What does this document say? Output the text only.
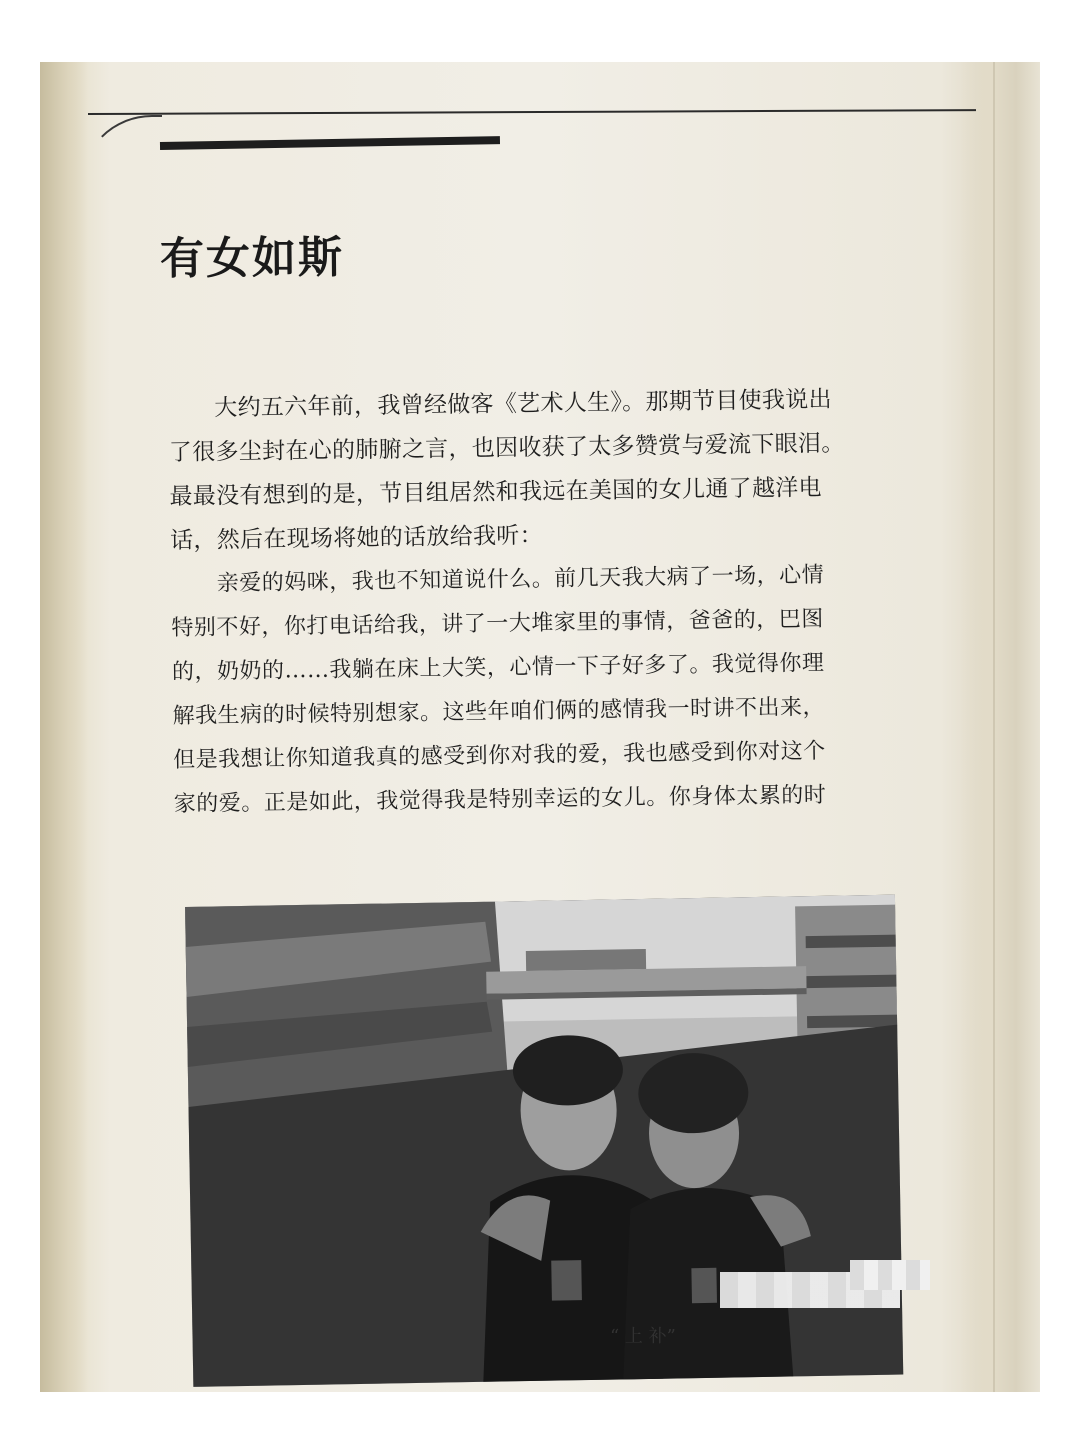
有女如斯
大约五六年前，我曾经做客《艺术人生》。那期节目使我说出
了很多尘封在心的肺腑之言，也因收获了太多赞赏与爱流下眼泪。
最最没有想到的是，节目组居然和我远在美国的女儿通了越洋电
话，然后在现场将她的话放给我听：
亲爱的妈咪，我也不知道说什么。前几天我大病了一场，心情
特别不好，你打电话给我，讲了一大堆家里的事情，爸爸的，巴图
的，奶奶的……我躺在床上大笑，心情一下子好多了。我觉得你理
解我生病的时候特别想家。这些年咱们俩的感情我一时讲不出来，
但是我想让你知道我真的感受到你对我的爱，我也感受到你对这个
家的爱。正是如此，我觉得我是特别幸运的女儿。你身体太累的时
“ 上 补”
